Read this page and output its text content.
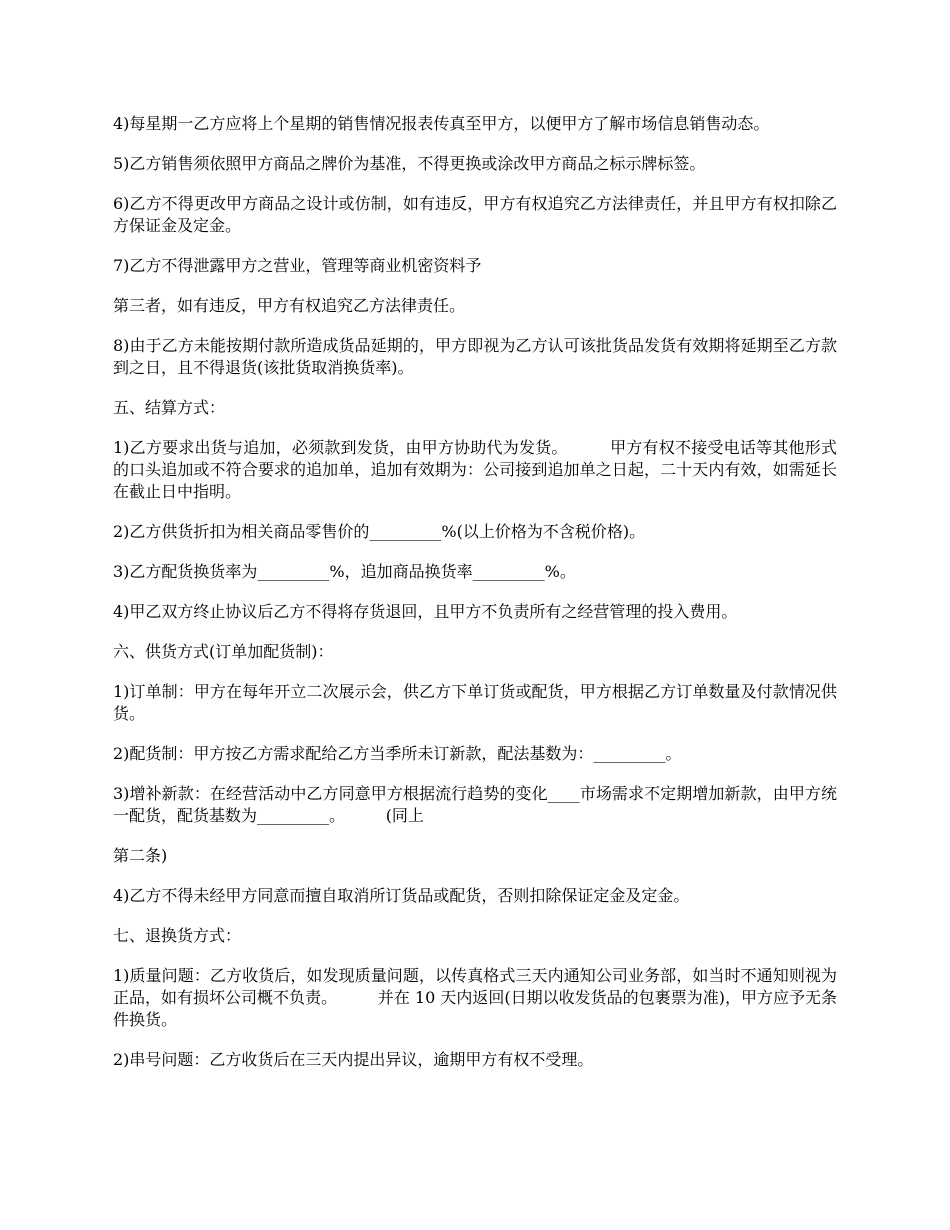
4)每星期一乙方应将上个星期的销售情况报表传真至甲方，以便甲方了解市场信息销售动态。

5)乙方销售须依照甲方商品之牌价为基准，不得更换或涂改甲方商品之标示牌标签。

6)乙方不得更改甲方商品之设计或仿制，如有违反，甲方有权追究乙方法律责任，并且甲方有权扣除乙方保证金及定金。

7)乙方不得泄露甲方之营业，管理等商业机密资料予

第三者，如有违反，甲方有权追究乙方法律责任。

8)由于乙方未能按期付款所造成货品延期的，甲方即视为乙方认可该批货品发货有效期将延期至乙方款到之日，且不得退货(该批货取消换货率)。

五、结算方式：

1)乙方要求出货与追加，必须款到发货，由甲方协助代为发货。        甲方有权不接受电话等其他形式的口头追加或不符合要求的追加单，追加有效期为：公司接到追加单之日起，二十天内有效，如需延长在截止日中指明。

2)乙方供货折扣为相关商品零售价的_________%(以上价格为不含税价格)。

3)乙方配货换货率为_________%，追加商品换货率_________%。

4)甲乙双方终止协议后乙方不得将存货退回，且甲方不负责所有之经营管理的投入费用。

六、供货方式(订单加配货制)：

1)订单制：甲方在每年开立二次展示会，供乙方下单订货或配货，甲方根据乙方订单数量及付款情况供货。

2)配货制：甲方按乙方需求配给乙方当季所未订新款，配法基数为：_________。

3)增补新款：在经营活动中乙方同意甲方根据流行趋势的变化____市场需求不定期增加新款，由甲方统一配货，配货基数为_________。        (同上

第二条)

4)乙方不得未经甲方同意而擅自取消所订货品或配货，否则扣除保证定金及定金。

七、退换货方式：

1)质量问题：乙方收货后，如发现质量问题，以传真格式三天内通知公司业务部，如当时不通知则视为正品，如有损坏公司概不负责。        并在 10 天内返回(日期以收发货品的包裹票为准)，甲方应予无条件换货。

2)串号问题：乙方收货后在三天内提出异议，逾期甲方有权不受理。
